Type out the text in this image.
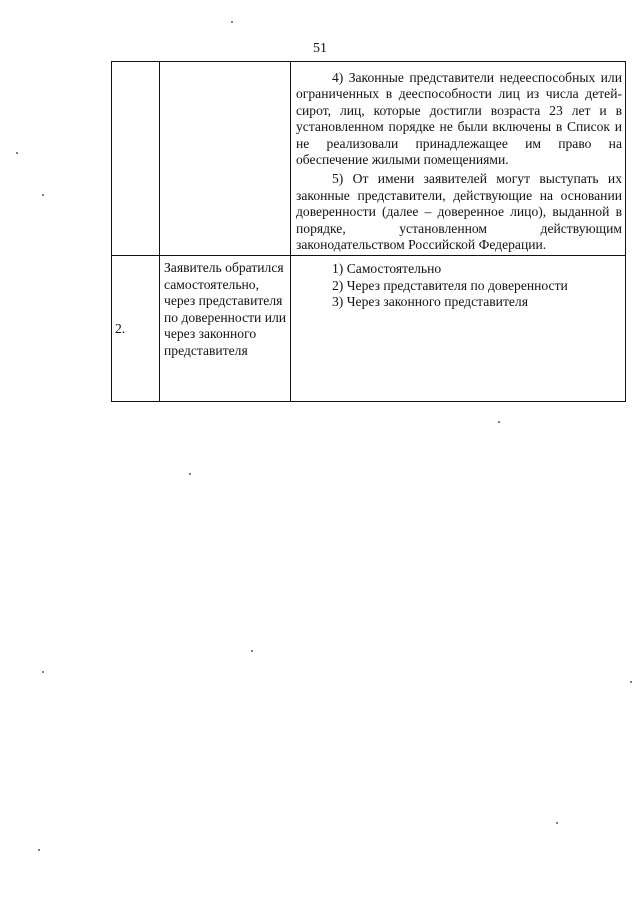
51

		4) Законные представители недееспособных или ограниченных в дееспособности лиц из числа детей-сирот, лиц, которые достигли возраста 23 лет и в установленном порядке не были включены в Список и не реализовали принадлежащее им право на обеспечение жилыми помещениями.

5) От имени заявителей могут выступать их законные представители, действующие на основании доверенности (далее – доверенное лицо), выданной в порядке, установленном действующим законодательством Российской Федерации.

2.	Заявитель обратился самостоятельно, через представителя по доверенности или через законного представителя	1) Самостоятельно

2) Через представителя по доверенности

3) Через законного представителя
